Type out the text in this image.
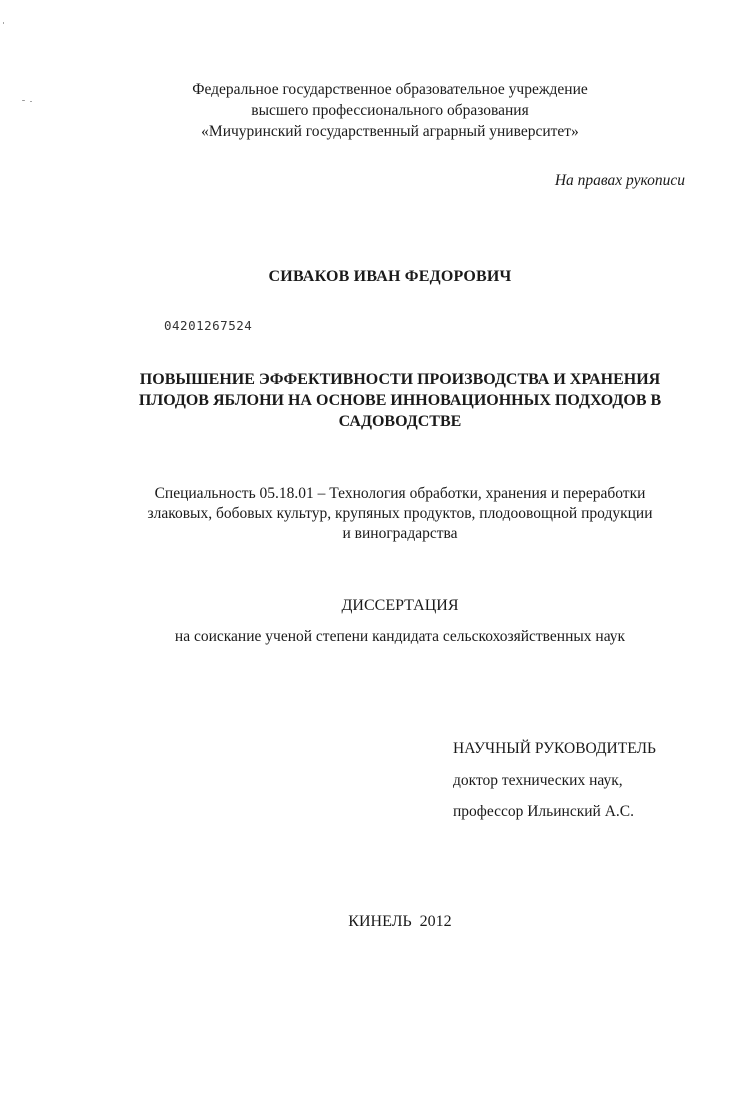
Федеральное государственное образовательное учреждение
высшего профессионального образования
«Мичуринский государственный аграрный университет»
На правах рукописи
СИВАКОВ ИВАН ФЕДОРОВИЧ
04201267524
ПОВЫШЕНИЕ ЭФФЕКТИВНОСТИ ПРОИЗВОДСТВА И ХРАНЕНИЯ
ПЛОДОВ ЯБЛОНИ НА ОСНОВЕ ИННОВАЦИОННЫХ ПОДХОДОВ В
САДОВОДСТВЕ
Специальность 05.18.01 – Технология обработки, хранения и переработки
злаковых, бобовых культур, крупяных продуктов, плодоовощной продукции
и виноградарства
ДИССЕРТАЦИЯ
на соискание ученой степени кандидата сельскохозяйственных наук
НАУЧНЫЙ РУКОВОДИТЕЛЬ
доктор технических наук,
профессор Ильинский А.С.
КИНЕЛЬ  2012
